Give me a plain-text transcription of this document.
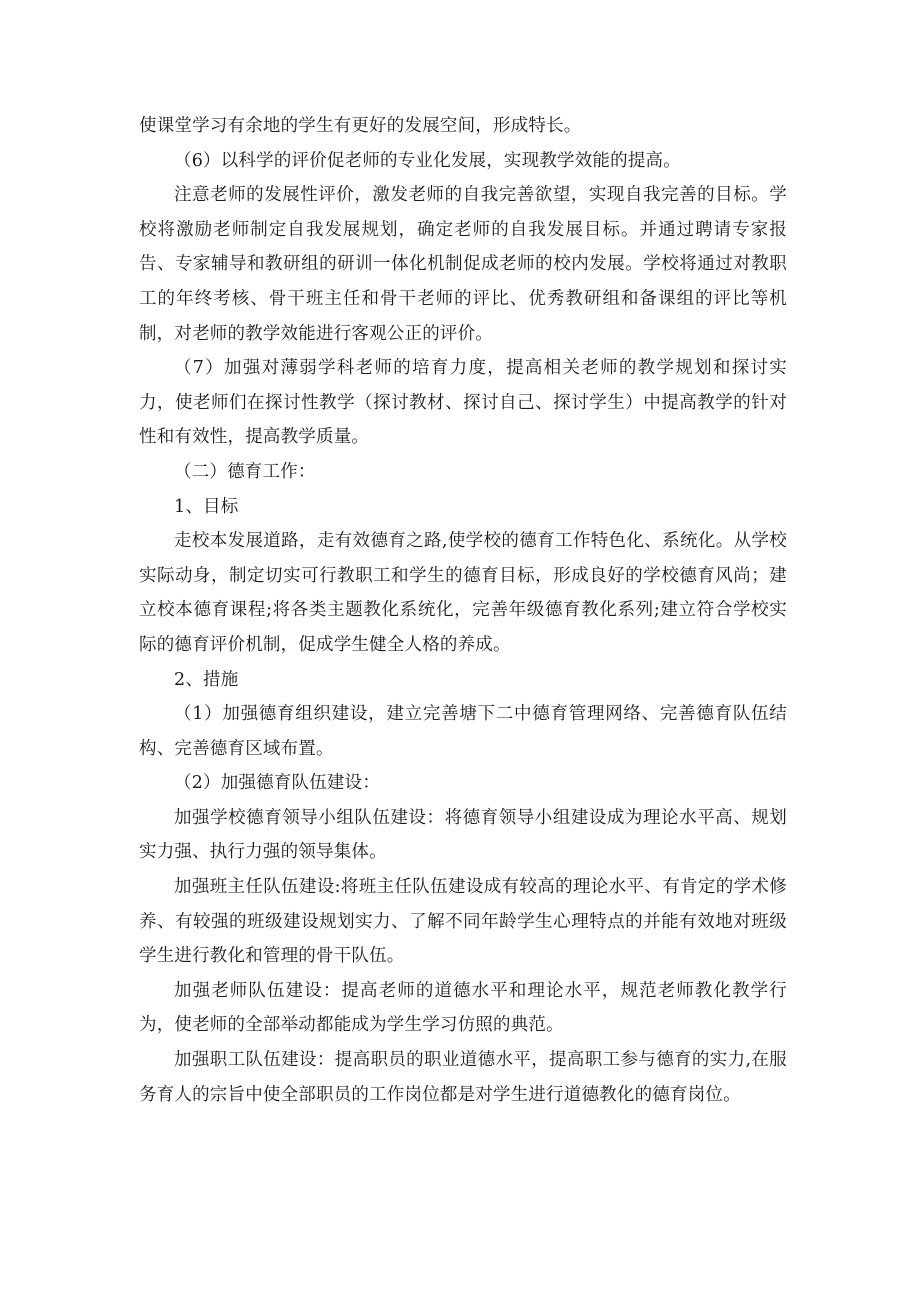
使课堂学习有余地的学生有更好的发展空间，形成特长。

（6）以科学的评价促老师的专业化发展，实现教学效能的提高。

注意老师的发展性评价，激发老师的自我完善欲望，实现自我完善的目标。学校将激励老师制定自我发展规划，确定老师的自我发展目标。并通过聘请专家报告、专家辅导和教研组的研训一体化机制促成老师的校内发展。学校将通过对教职工的年终考核、骨干班主任和骨干老师的评比、优秀教研组和备课组的评比等机制，对老师的教学效能进行客观公正的评价。

（7）加强对薄弱学科老师的培育力度，提高相关老师的教学规划和探讨实力，使老师们在探讨性教学（探讨教材、探讨自己、探讨学生）中提高教学的针对性和有效性，提高教学质量。

（二）德育工作：

1、目标

走校本发展道路，走有效德育之路,使学校的德育工作特色化、系统化。从学校实际动身，制定切实可行教职工和学生的德育目标，形成良好的学校德育风尚；建立校本德育课程;将各类主题教化系统化，完善年级德育教化系列;建立符合学校实际的德育评价机制，促成学生健全人格的养成。

2、措施

（1）加强德育组织建设，建立完善塘下二中德育管理网络、完善德育队伍结构、完善德育区域布置。

（2）加强德育队伍建设：

加强学校德育领导小组队伍建设：将德育领导小组建设成为理论水平高、规划实力强、执行力强的领导集体。

加强班主任队伍建设:将班主任队伍建设成有较高的理论水平、有肯定的学术修养、有较强的班级建设规划实力、了解不同年龄学生心理特点的并能有效地对班级学生进行教化和管理的骨干队伍。

加强老师队伍建设：提高老师的道德水平和理论水平，规范老师教化教学行为，使老师的全部举动都能成为学生学习仿照的典范。

加强职工队伍建设：提高职员的职业道德水平，提高职工参与德育的实力,在服务育人的宗旨中使全部职员的工作岗位都是对学生进行道德教化的德育岗位。
